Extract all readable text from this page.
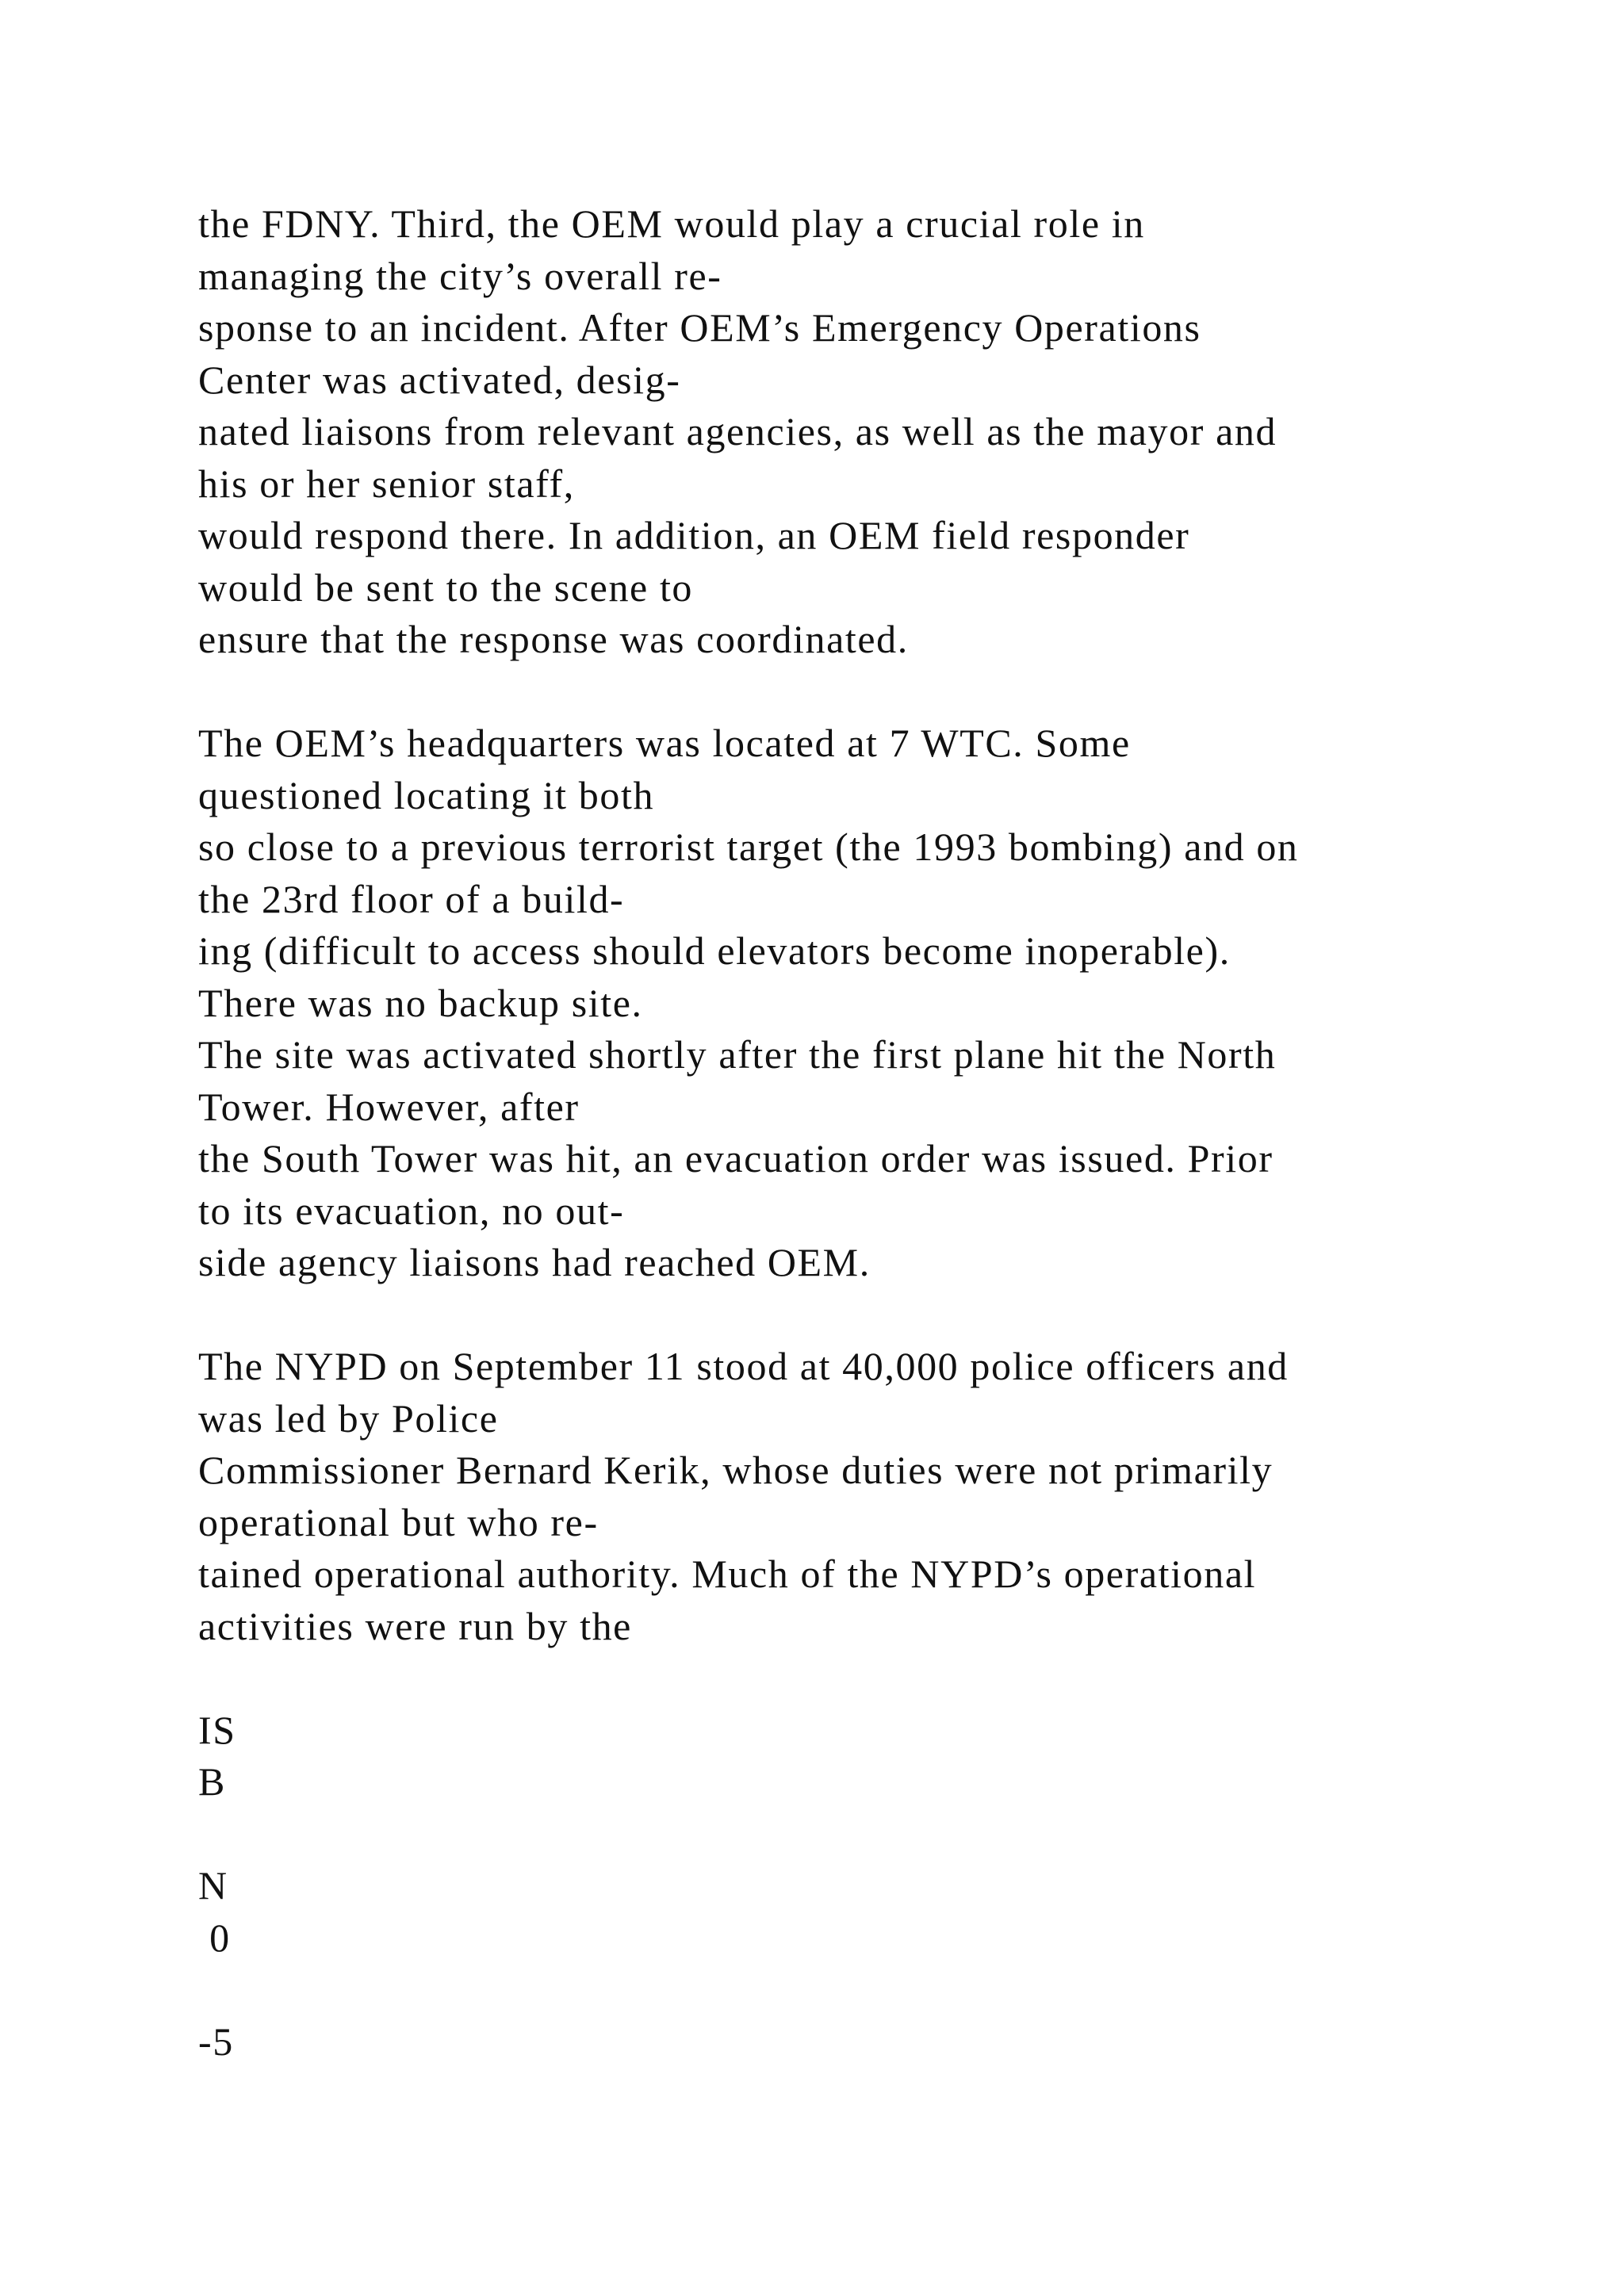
the FDNY. Third, the OEM would play a crucial role in
managing the city’s overall re-
sponse to an incident. After OEM’s Emergency Operations
Center was activated, desig-
nated liaisons from relevant agencies, as well as the mayor and
his or her senior staff,
would respond there. In addition, an OEM field responder
would be sent to the scene to
ensure that the response was coordinated.
The OEM’s headquarters was located at 7 WTC. Some
questioned locating it both
so close to a previous terrorist target (the 1993 bombing) and on
the 23rd floor of a build-
ing (difficult to access should elevators become inoperable).
There was no backup site.
The site was activated shortly after the first plane hit the North
Tower. However, after
the South Tower was hit, an evacuation order was issued. Prior
to its evacuation, no out-
side agency liaisons had reached OEM.
The NYPD on September 11 stood at 40,000 police officers and
was led by Police
Commissioner Bernard Kerik, whose duties were not primarily
operational but who re-
tained operational authority. Much of the NYPD’s operational
activities were run by the
IS
B
N
0
-5
